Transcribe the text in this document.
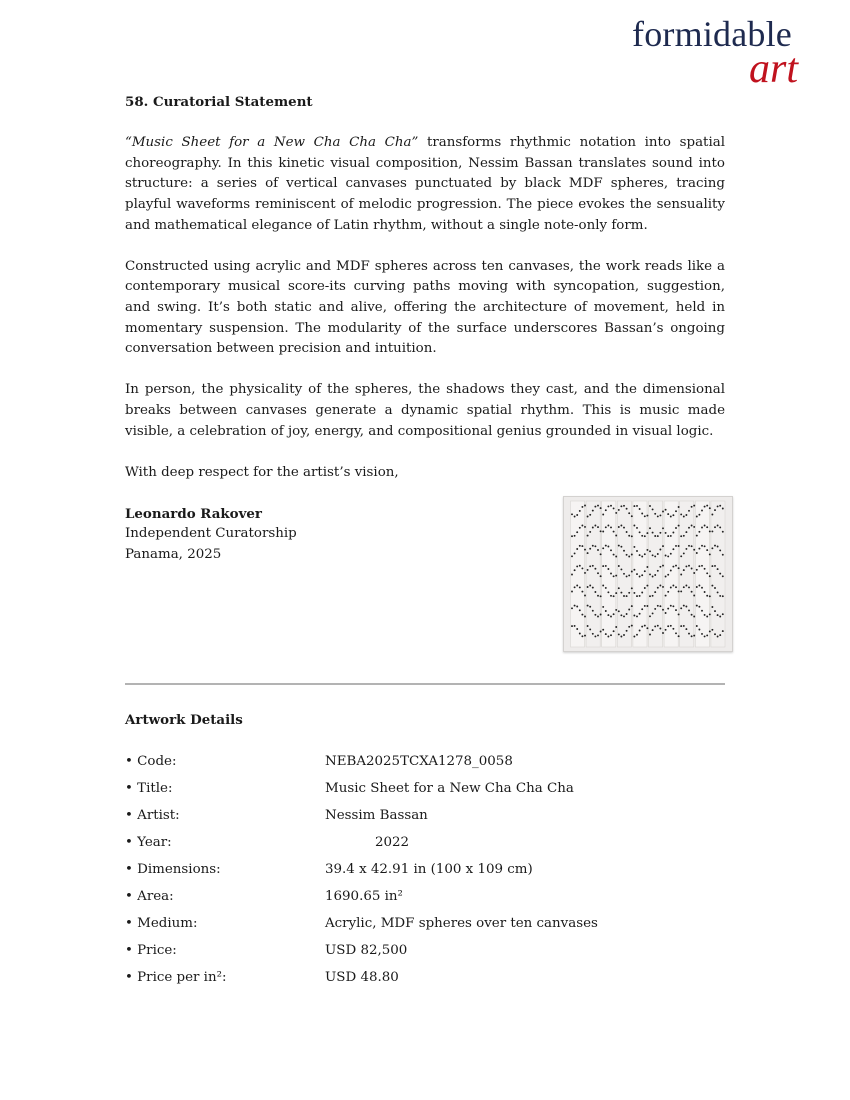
formidable
art

58. Curatorial Statement

“Music Sheet for a New Cha Cha Cha” transforms rhythmic notation into spatial choreography. In this kinetic visual composition, Nessim Bassan translates sound into structure: a series of vertical canvases punctuated by black MDF spheres, tracing playful waveforms reminiscent of melodic progression. The piece evokes the sensuality and mathematical elegance of Latin rhythm, without a single note-only form.

Constructed using acrylic and MDF spheres across ten canvases, the work reads like a contemporary musical score-its curving paths moving with syncopation, suggestion, and swing. It’s both static and alive, offering the architecture of movement, held in momentary suspension. The modularity of the surface underscores Bassan’s ongoing conversation between precision and intuition.

In person, the physicality of the spheres, the shadows they cast, and the dimensional breaks between canvases generate a dynamic spatial rhythm. This is music made visible, a celebration of joy, energy, and compositional genius grounded in visual logic.

With deep respect for the artist’s vision,

Leonardo Rakover

Independent Curatorship

Panama, 2025

Artwork Details
• Code:	NEBA2025TCXA1278_0058
• Title:	Music Sheet for a New Cha Cha Cha
• Artist:	Nessim Bassan
• Year:	2022
• Dimensions:	39.4 x 42.91 in (100 x 109 cm)
• Area:	1690.65 in²
• Medium:	Acrylic, MDF spheres over ten canvases
• Price:	USD 82,500
• Price per in²:	USD 48.80
